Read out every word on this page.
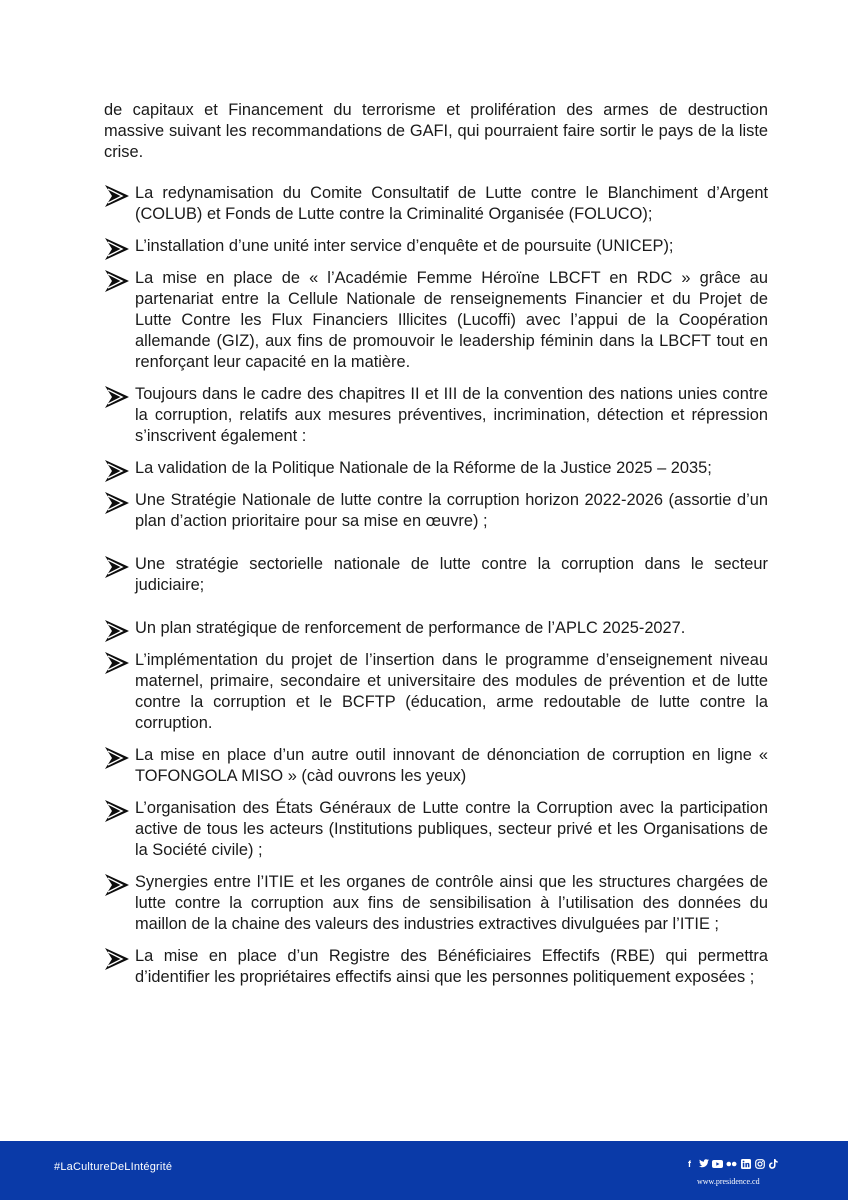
de capitaux et Financement du terrorisme et prolifération des armes de destruction massive suivant les recommandations de GAFI, qui pourraient faire sortir le pays de la liste crise.

La redynamisation du Comite Consultatif de Lutte contre le Blanchiment d’Argent (COLUB) et Fonds de Lutte contre la Criminalité Organisée (FOLUCO);
L’installation d’une unité inter service d’enquête et de poursuite (UNICEP);
La mise en place de « l’Académie Femme Héroïne LBCFT en RDC » grâce au partenariat entre la Cellule Nationale de renseignements Financier et du Projet de Lutte Contre les Flux Financiers Illicites (Lucoffi) avec l’appui de la Coopération allemande (GIZ), aux fins de promouvoir le leadership féminin dans la LBCFT tout en renforçant leur capacité en la matière.
Toujours dans le cadre des chapitres II et III de la convention des nations unies contre la corruption, relatifs aux mesures préventives, incrimination, détection et répression s’inscrivent également :
La validation de la Politique Nationale de la Réforme de la Justice 2025 – 2035;
Une Stratégie Nationale de lutte contre la corruption horizon 2022-2026 (assortie d’un plan d’action prioritaire pour sa mise en œuvre) ;
Une stratégie sectorielle nationale de lutte contre la corruption dans le secteur judiciaire;
Un plan stratégique de renforcement de performance de l’APLC 2025-2027.
L’implémentation du projet de l’insertion dans le programme d’enseignement niveau maternel, primaire, secondaire et universitaire des modules de prévention et de lutte contre la corruption et le BCFTP (éducation, arme redoutable de lutte contre la corruption.
La mise en place d’un autre outil innovant de dénonciation de corruption en ligne « TOFONGOLA MISO » (càd ouvrons les yeux)
L’organisation des États Généraux de Lutte contre la Corruption avec la participation active de tous les acteurs (Institutions publiques, secteur privé et les Organisations de la Société civile) ;
Synergies entre l’ITIE et les organes de contrôle ainsi que les structures chargées de lutte contre la corruption aux fins de sensibilisation à l’utilisation des données du maillon de la chaine des valeurs des industries extractives divulguées par l’ITIE ;
La mise en place d’un Registre des Bénéficiaires Effectifs (RBE) qui permettra d’identifier les propriétaires effectifs ainsi que les personnes politiquement exposées ;
#LaCultureDeLIntégrité	f
www.presidence.cd
